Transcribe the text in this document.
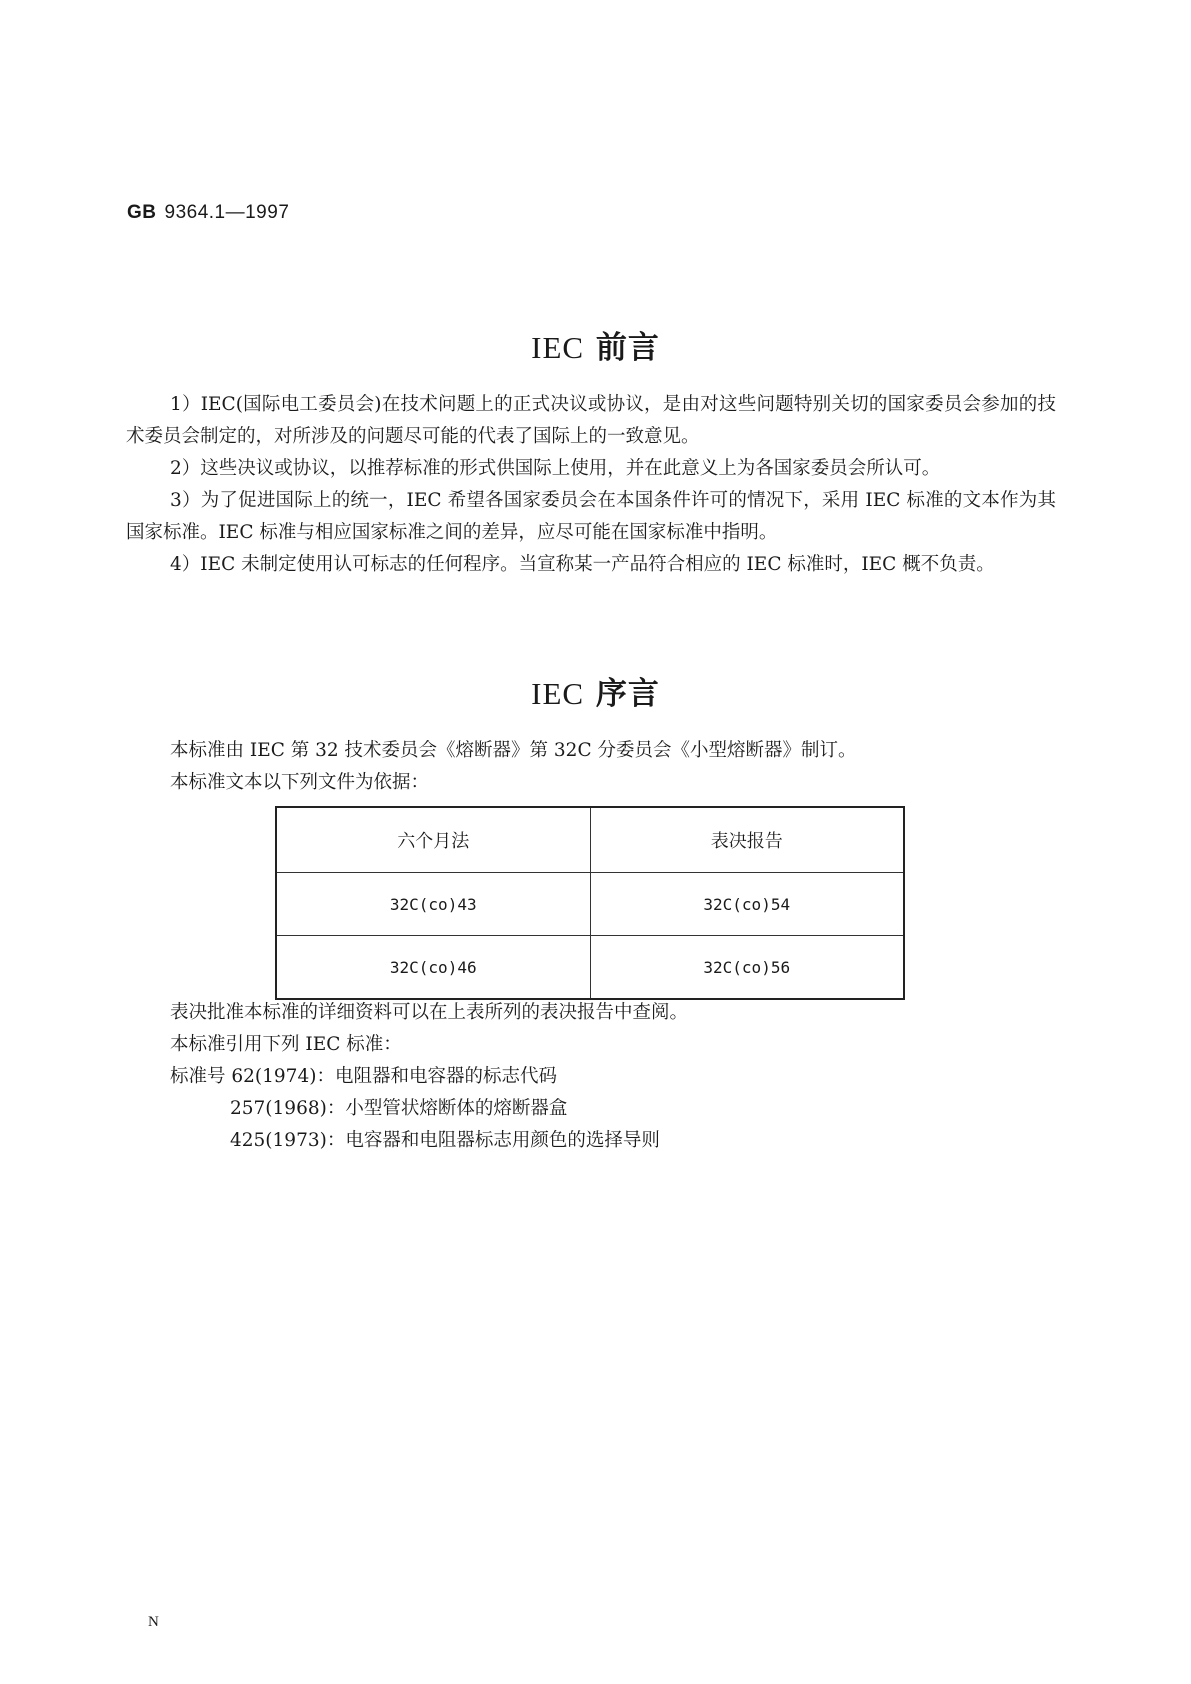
GB 9364.1—1997
IEC 前言

1）IEC(国际电工委员会)在技术问题上的正式决议或协议，是由对这些问题特别关切的国家委员会参加的技术委员会制定的，对所涉及的问题尽可能的代表了国际上的一致意见。

2）这些决议或协议，以推荐标准的形式供国际上使用，并在此意义上为各国家委员会所认可。

3）为了促进国际上的统一，IEC 希望各国家委员会在本国条件许可的情况下，采用 IEC 标准的文本作为其国家标准。IEC 标准与相应国家标准之间的差异，应尽可能在国家标准中指明。

4）IEC 未制定使用认可标志的任何程序。当宣称某一产品符合相应的 IEC 标准时，IEC 概不负责。

IEC 序言
本标准由 IEC 第 32 技术委员会《熔断器》第 32C 分委员会《小型熔断器》制订。
本标准文本以下列文件为依据：
六个月法	表决报告
32C(co)43	32C(co)54
32C(co)46	32C(co)56
表决批准本标准的详细资料可以在上表所列的表决报告中查阅。
本标准引用下列 IEC 标准：
标准号 62(1974)：电阻器和电容器的标志代码
257(1968)：小型管状熔断体的熔断器盒
425(1973)：电容器和电阻器标志用颜色的选择导则
N
